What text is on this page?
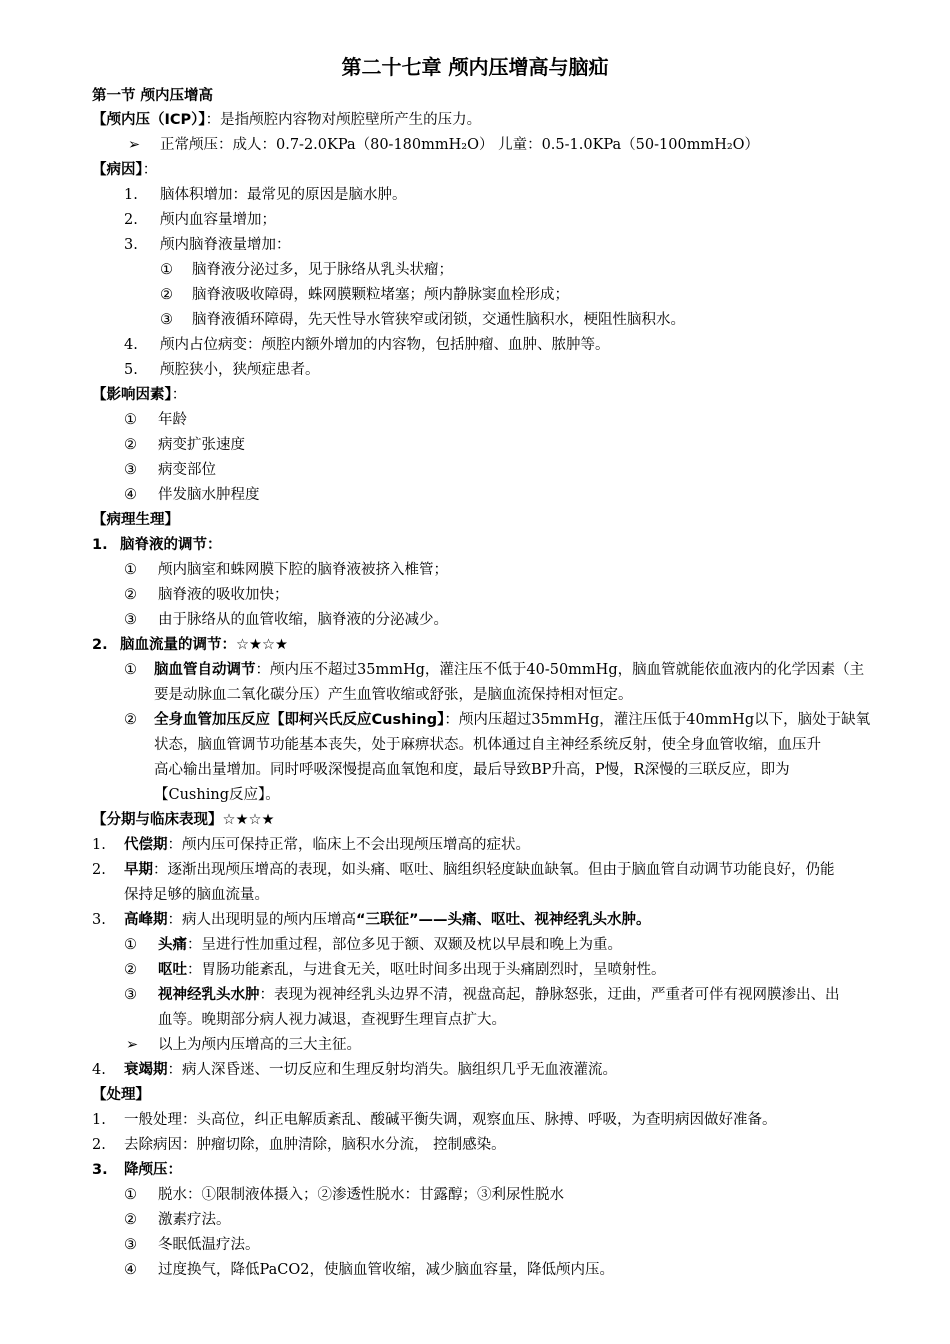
第二十七章 颅内压增高与脑疝
第一节 颅内压增高
【颅内压（ICP）】：是指颅腔内容物对颅腔壁所产生的压力。
➢ 正常颅压：成人：0.7-2.0KPa（80-180mmH₂O） 儿童：0.5-1.0KPa（50-100mmH₂O）
【病因】：
1. 脑体积增加：最常见的原因是脑水肿。
2. 颅内血容量增加；
3. 颅内脑脊液量增加：
① 脑脊液分泌过多，见于脉络从乳头状瘤；
② 脑脊液吸收障碍，蛛网膜颗粒堵塞；颅内静脉窦血栓形成；
③ 脑脊液循环障碍，先天性导水管狭窄或闭锁，交通性脑积水，梗阻性脑积水。
4. 颅内占位病变：颅腔内额外增加的内容物，包括肿瘤、血肿、脓肿等。
5. 颅腔狭小，狭颅症患者。
【影响因素】：
① 年龄
② 病变扩张速度
③ 病变部位
④ 伴发脑水肿程度
【病理生理】
1. 脑脊液的调节：
① 颅内脑室和蛛网膜下腔的脑脊液被挤入椎管；
② 脑脊液的吸收加快；
③ 由于脉络从的血管收缩，脑脊液的分泌减少。
2. 脑血流量的调节：☆★☆★
① 脑血管自动调节：颅内压不超过35mmHg，灌注压不低于40-50mmHg，脑血管就能依血液内的化学因素（主
要是动脉血二氧化碳分压）产生血管收缩或舒张，是脑血流保持相对恒定。
② 全身血管加压反应【即柯兴氏反应Cushing】：颅内压超过35mmHg，灌注压低于40mmHg以下，脑处于缺氧
状态，脑血管调节功能基本丧失，处于麻痹状态。机体通过自主神经系统反射，使全身血管收缩，血压升
高心输出量增加。同时呼吸深慢提高血氧饱和度，最后导致BP升高，P慢，R深慢的三联反应，即为
【Cushing反应】。
【分期与临床表现】☆★☆★
1. 代偿期：颅内压可保持正常，临床上不会出现颅压增高的症状。
2. 早期：逐渐出现颅压增高的表现，如头痛、呕吐、脑组织轻度缺血缺氧。但由于脑血管自动调节功能良好，仍能
保持足够的脑血流量。
3. 高峰期：病人出现明显的颅内压增高“三联征”——头痛、呕吐、视神经乳头水肿。
① 头痛：呈进行性加重过程，部位多见于额、双颞及枕以早晨和晚上为重。
② 呕吐：胃肠功能紊乱，与进食无关，呕吐时间多出现于头痛剧烈时，呈喷射性。
③ 视神经乳头水肿：表现为视神经乳头边界不清，视盘高起，静脉怒张，迂曲，严重者可伴有视网膜渗出、出
血等。晚期部分病人视力减退，查视野生理盲点扩大。
➢ 以上为颅内压增高的三大主征。
4. 衰竭期：病人深昏迷、一切反应和生理反射均消失。脑组织几乎无血液灌流。
【处理】
1. 一般处理：头高位，纠正电解质紊乱、酸碱平衡失调，观察血压、脉搏、呼吸，为查明病因做好准备。
2. 去除病因：肿瘤切除，血肿清除，脑积水分流， 控制感染。
3. 降颅压：
① 脱水：①限制液体摄入；②渗透性脱水：甘露醇；③利尿性脱水
② 激素疗法。
③ 冬眠低温疗法。
④ 过度换气，降低PaCO2，使脑血管收缩，减少脑血容量，降低颅内压。
